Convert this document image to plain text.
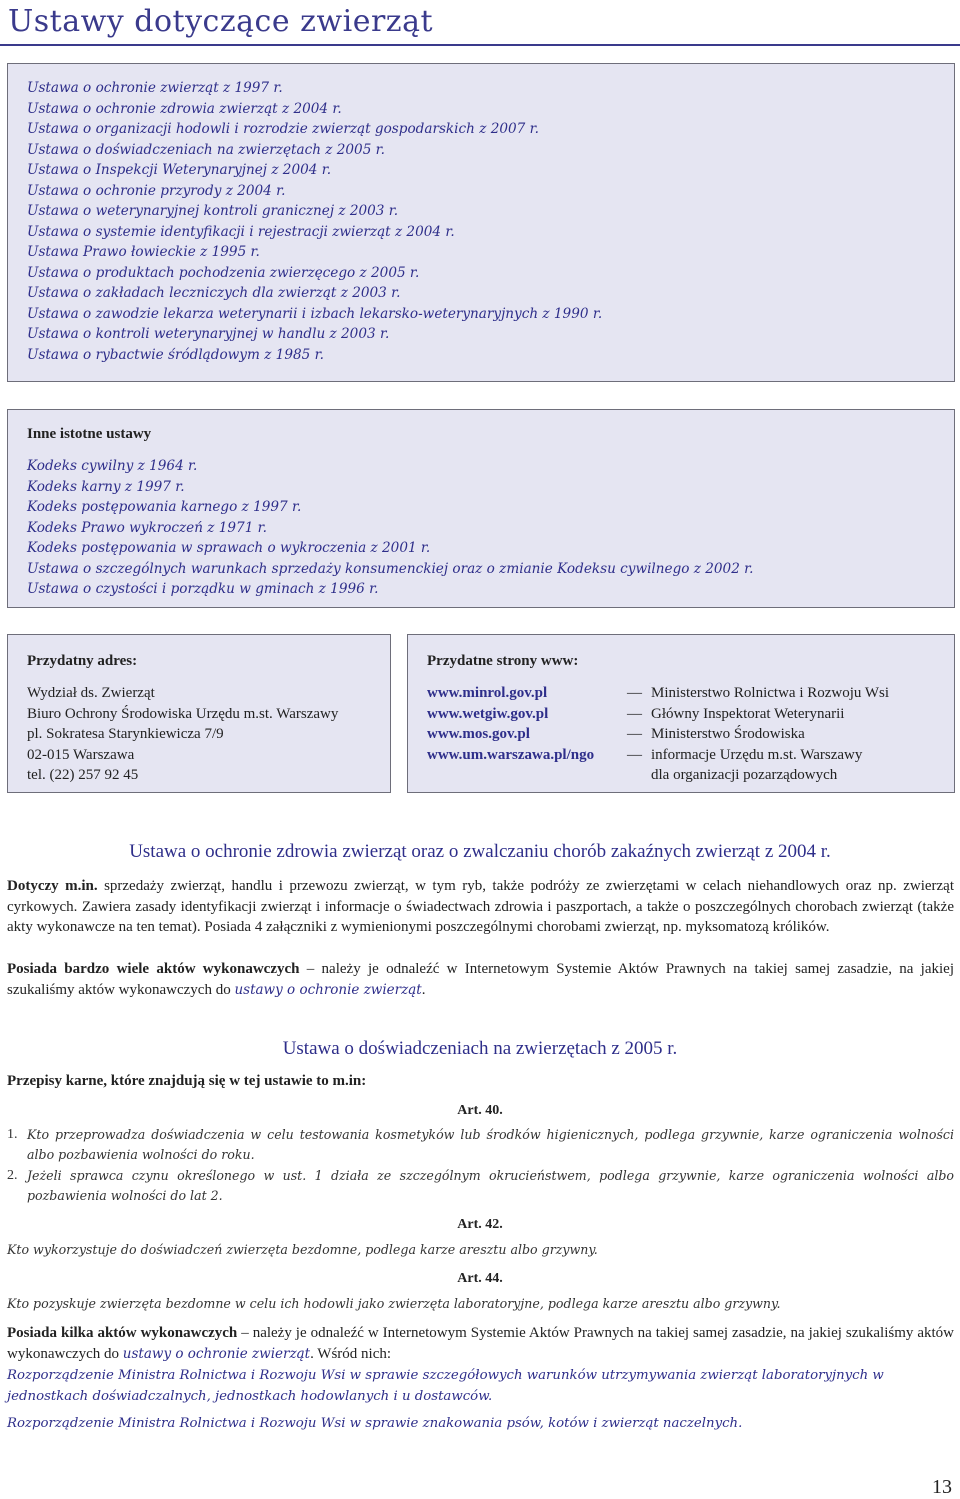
Ustawy dotyczące zwierząt
Ustawa o ochronie zwierząt z 1997 r.
Ustawa o ochronie zdrowia zwierząt z 2004 r.
Ustawa o organizacji hodowli i rozrodzie zwierząt gospodarskich z 2007 r.
Ustawa o doświadczeniach na zwierzętach z 2005 r.
Ustawa o Inspekcji Weterynaryjnej z 2004 r.
Ustawa o ochronie przyrody z 2004 r.
Ustawa o weterynaryjnej kontroli granicznej z 2003 r.
Ustawa o systemie identyfikacji i rejestracji zwierząt z 2004 r.
Ustawa Prawo łowieckie z 1995 r.
Ustawa o produktach pochodzenia zwierzęcego z 2005 r.
Ustawa o zakładach leczniczych dla zwierząt z 2003 r.
Ustawa o zawodzie lekarza weterynarii i izbach lekarsko-weterynaryjnych z 1990 r.
Ustawa o kontroli weterynaryjnej w handlu z 2003 r.
Ustawa o rybactwie śródlądowym z 1985 r.
Inne istotne ustawy
Kodeks cywilny z 1964 r.
Kodeks karny z 1997 r.
Kodeks postępowania karnego z 1997 r.
Kodeks Prawo wykroczeń z 1971 r.
Kodeks postępowania w sprawach o wykroczenia z 2001 r.
Ustawa o szczególnych warunkach sprzedaży konsumenckiej oraz o zmianie Kodeksu cywilnego z 2002 r.
Ustawa o czystości i porządku w gminach z 1996 r.
Przydatny adres:
Wydział ds. Zwierząt
Biuro Ochrony Środowiska Urzędu m.st. Warszawy
pl. Sokratesa Starynkiewicza 7/9
02-015 Warszawa
tel. (22) 257 92 45
Przydatne strony www:
www.minrol.gov.pl	— Ministerstwo Rolnictwa i Rozwoju Wsi
www.wetgiw.gov.pl	— Główny Inspektorat Weterynarii
www.mos.gov.pl	— Ministerstwo Środowiska
www.um.warszawa.pl/ngo	— informacje Urzędu m.st. Warszawy
dla organizacji pozarządowych
Ustawa o ochronie zdrowia zwierząt oraz o zwalczaniu chorób zakaźnych zwierząt z 2004 r.

Dotyczy m.in. sprzedaży zwierząt, handlu i przewozu zwierząt, w tym ryb, także podróży ze zwierzętami w celach niehandlowych oraz np. zwierząt cyrkowych. Zawiera zasady identyfikacji zwierząt i informacje o świadectwach zdrowia i paszportach, a także o poszczególnych chorobach zwierząt (także akty wykonawcze na ten temat). Posiada 4 załączniki z wymienionymi poszczególnymi chorobami zwierząt, np. myksomatozą królików.

Posiada bardzo wiele aktów wykonawczych – należy je odnaleźć w Internetowym Systemie Aktów Prawnych na takiej samej zasadzie, na jakiej szukaliśmy aktów wykonawczych do ustawy o ochronie zwierząt.

Ustawa o doświadczeniach na zwierzętach z 2005 r.

Przepisy karne, które znajdują się w tej ustawie to m.in:

Art. 40.

1. Kto przeprowadza doświadczenia w celu testowania kosmetyków lub środków higienicznych, podlega grzywnie, karze ograniczenia wolności albo pozbawienia wolności do roku.
2. Jeżeli sprawca czynu określonego w ust. 1 działa ze szczególnym okrucieństwem, podlega grzywnie, karze ograniczenia wolności albo pozbawienia wolności do lat 2.

Art. 42.

Kto wykorzystuje do doświadczeń zwierzęta bezdomne, podlega karze aresztu albo grzywny.

Art. 44.

Kto pozyskuje zwierzęta bezdomne w celu ich hodowli jako zwierzęta laboratoryjne, podlega karze aresztu albo grzywny.

Posiada kilka aktów wykonawczych – należy je odnaleźć w Internetowym Systemie Aktów Prawnych na takiej samej zasadzie, na jakiej szukaliśmy aktów wykonawczych do ustawy o ochronie zwierząt. Wśród nich:

Rozporządzenie Ministra Rolnictwa i Rozwoju Wsi w sprawie szczegółowych warunków utrzymywania zwierząt laboratoryjnych w jednostkach doświadczalnych, jednostkach hodowlanych i u dostawców.

Rozporządzenie Ministra Rolnictwa i Rozwoju Wsi w sprawie znakowania psów, kotów i zwierząt naczelnych.

13
